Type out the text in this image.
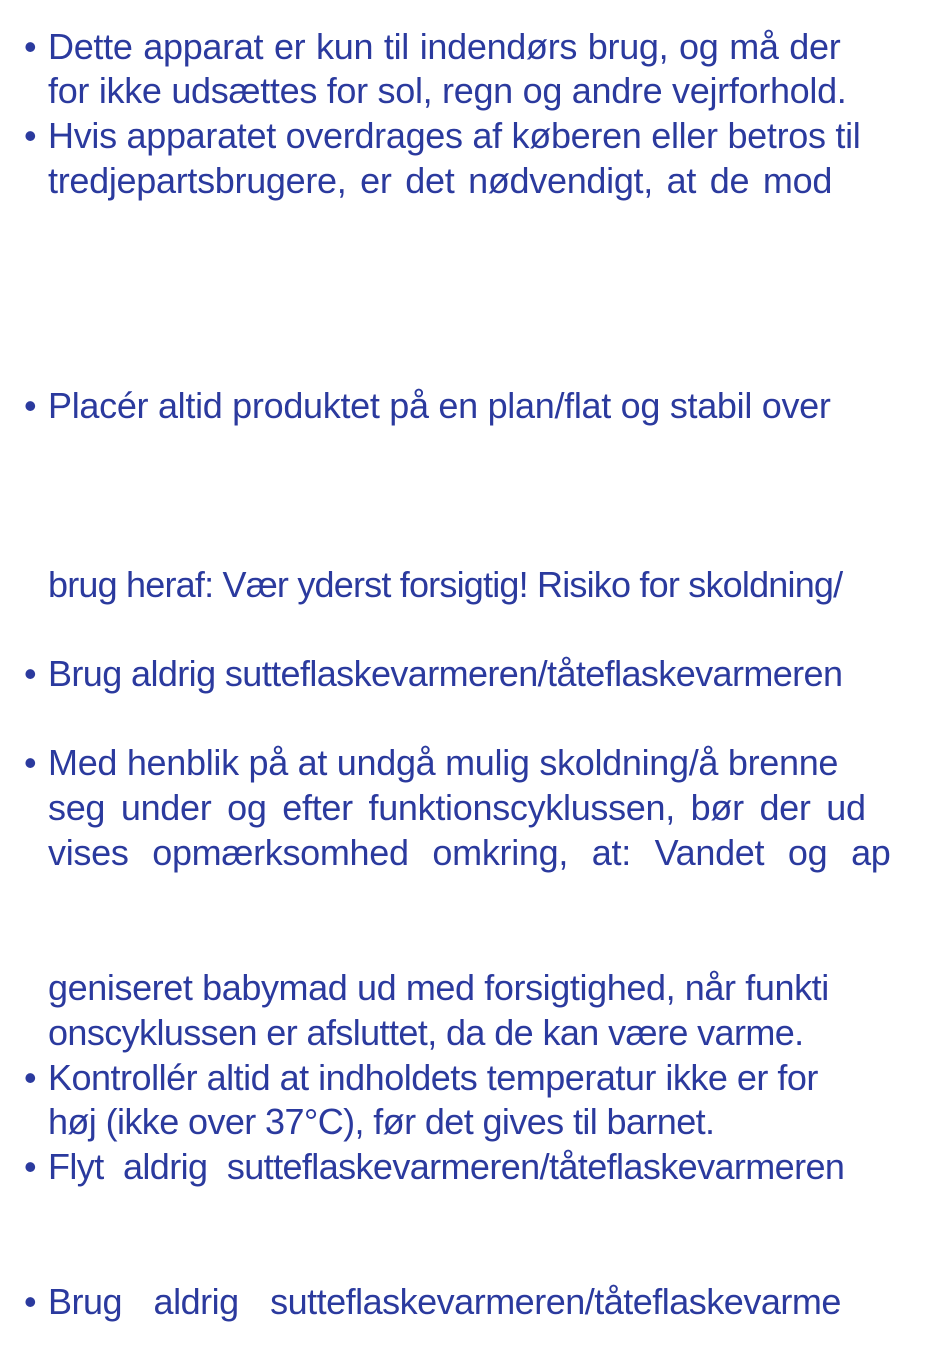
• Dette apparat er kun til indendørs brug, og må der
for ikke udsættes for sol, regn og andre vejrforhold.
• Hvis apparatet overdrages af køberen eller betros til
tredjepartsbrugere, er det nødvendigt, at de mod
• Placér altid produktet på en plan/flat og stabil over
brug heraf: Vær yderst forsigtig! Risiko for skoldning/
• Brug aldrig sutteflaskevarmeren/tåteflaskevarmeren
• Med henblik på at undgå mulig skoldning/å brenne
seg under og efter funktionscyklussen, bør der ud
vises opmærksomhed omkring, at: Vandet og ap
geniseret babymad ud med forsigtighed, når funkti
onscyklussen er afsluttet, da de kan være varme.
• Kontrollér altid at indholdets temperatur ikke er for
høj (ikke over 37°C), før det gives til barnet.
• Flyt aldrig sutteflaskevarmeren/tåteflaskevarmeren
• Brug aldrig sutteflaskevarmeren/tåteflaskevarme
